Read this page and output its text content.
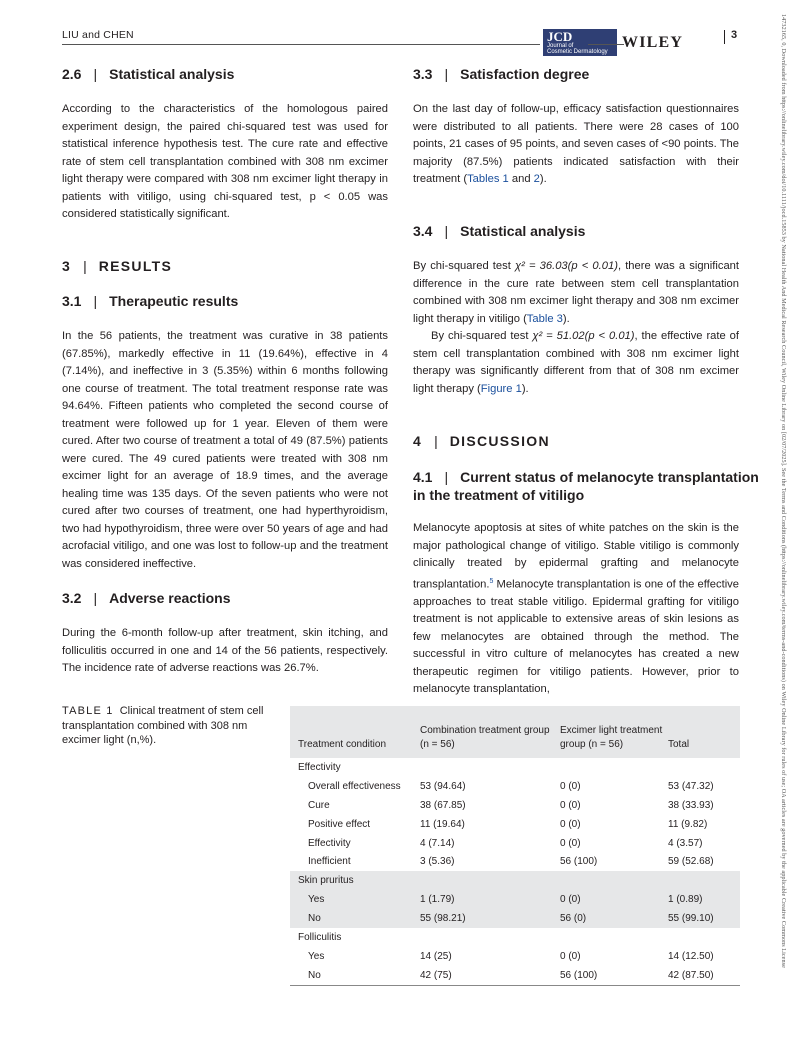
LIU and CHEN	JCD
Journal of
Cosmetic Dermatology
WILEY	3	14732165, 0, Downloaded from https://onlinelibrary.wiley.com/doi/10.1111/jocd.15853 by National Health And Medical Research Council, Wiley Online Library on [02/07/2025]. See the Terms and Conditions (https://onlinelibrary.wiley.com/terms-and-conditions) on Wiley Online Library for rules of use; OA articles are governed by the applicable Creative Commons License
2.6 | Statistical analysis
According to the characteristics of the homologous paired experiment design, the paired chi-squared test was used for statistical inference hypothesis test. The cure rate and effective rate of stem cell transplantation combined with 308 nm excimer light therapy were compared with 308 nm excimer light therapy in patients with vitiligo, using chi-squared test, p < 0.05 was considered statistically significant.
3 | RESULTS
3.1 | Therapeutic results
In the 56 patients, the treatment was curative in 38 patients (67.85%), markedly effective in 11 (19.64%), effective in 4 (7.14%), and ineffective in 3 (5.35%) within 6 months following one course of treatment. The total treatment response rate was 94.64%. Fifteen patients who completed the second course of treatment were followed up for 1 year. Eleven of them were cured. After two course of treatment a total of 49 (87.5%) patients were cured. The 49 cured patients were treated with 308 nm excimer light for an average of 18.9 times, and the average healing time was 135 days. Of the seven patients who were not cured after two courses of treatment, one had hyperthyroidism, two had hypothyroidism, three were over 50 years of age and had acrofacial vitiligo, and one was lost to follow-up and the treatment was considered ineffective.
3.2 | Adverse reactions
During the 6-month follow-up after treatment, skin itching, and folliculitis occurred in one and 14 of the 56 patients, respectively. The incidence rate of adverse reactions was 26.7%.
3.3 | Satisfaction degree
On the last day of follow-up, efficacy satisfaction questionnaires were distributed to all patients. There were 28 cases of 100 points, 21 cases of 95 points, and seven cases of <90 points. The majority (87.5%) patients indicated satisfaction with their treatment (Tables 1 and 2).
3.4 | Statistical analysis
By chi-squared test χ² = 36.03(p < 0.01), there was a significant difference in the cure rate between stem cell transplantation combined with 308 nm excimer light therapy and 308 nm excimer light therapy in vitiligo (Table 3).
By chi-squared test χ² = 51.02(p < 0.01), the effective rate of stem cell transplantation combined with 308 nm excimer light therapy was significantly different from that of 308 nm excimer light therapy (Figure 1).
4 | DISCUSSION
4.1 | Current status of melanocyte transplantation
in the treatment of vitiligo
Melanocyte apoptosis at sites of white patches on the skin is the major pathological change of vitiligo. Stable vitiligo is commonly clinically treated by epidermal grafting and melanocyte transplantation.$^5$ Melanocyte transplantation is one of the effective approaches to treat stable vitiligo. Epidermal grafting for vitiligo treatment is not applicable to extensive areas of skin lesions as few melanocytes are obtained through the method. The successful in vitro culture of melanocytes has created a new therapeutic regimen for vitiligo patients. However, prior to melanocyte transplantation,
TABLE 1 Clinical treatment of stem cell transplantation combined with 308 nm excimer light (n,%).	Treatment condition	Combination treatment group (n = 56)	Excimer light treatment group (n = 56)	Total
Effectivity			
Overall effectiveness	53 (94.64)	0 (0)	53 (47.32)
Cure	38 (67.85)	0 (0)	38 (33.93)
Positive effect	11 (19.64)	0 (0)	11 (9.82)
Effectivity	4 (7.14)	0 (0)	4 (3.57)
Inefficient	3 (5.36)	56 (100)	59 (52.68)
Skin pruritus			
Yes	1 (1.79)	0 (0)	1 (0.89)
No	55 (98.21)	56 (0)	55 (99.10)
Folliculitis			
Yes	14 (25)	0 (0)	14 (12.50)
No	42 (75)	56 (100)	42 (87.50)
